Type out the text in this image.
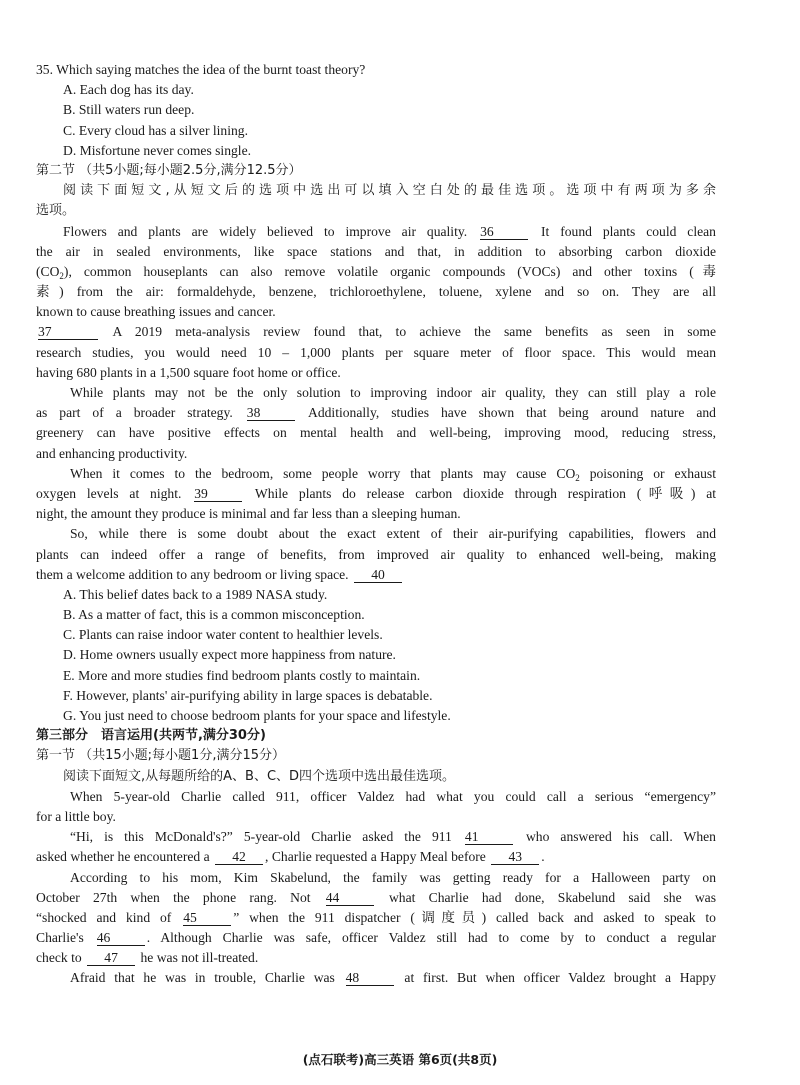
35. Which saying matches the idea of the burnt toast theory?
A. Each dog has its day.
B. Still waters run deep.
C. Every cloud has a silver lining.
D. Misfortune never comes single.
第二节 （共5小题;每小题2.5分,满分12.5分）
阅读下面短文,从短文后的选项中选出可以填入空白处的最佳选项。选项中有两项为多余
选项。
Flowers and plants are widely believed to improve air quality. 36	It found plants could clean
the air in sealed environments, like space stations and that, in addition to absorbing carbon dioxide
$(CO_2)$, common houseplants can also remove volatile organic compounds (VOCs) and other toxins (毒
素) from the air: formaldehyde, benzene, trichloroethylene, toluene, xylene and so on. They are all
known to cause breathing issues and cancer.
37	A 2019 meta-analysis review found that, to achieve the same benefits as seen in some
research studies, you would need 10 – 1,000 plants per square meter of floor space. This would mean
having 680 plants in a 1,500 square foot home or office.
While plants may not be the only solution to improving indoor air quality, they can still play a role
as part of a broader strategy. 38	Additionally, studies have shown that being around nature and
greenery can have positive effects on mental health and well-being, improving mood, reducing stress,
and enhancing productivity.
When it comes to the bedroom, some people worry that plants may cause $CO_2$ poisoning or exhaust
oxygen levels at night. 39	While plants do release carbon dioxide through respiration (呼吸) at
night, the amount they produce is minimal and far less than a sleeping human.
So, while there is some doubt about the exact extent of their air-purifying capabilities, flowers and
plants can indeed offer a range of benefits, from improved air quality to enhanced well-being, making
them a welcome addition to any bedroom or living space. 40
A. This belief dates back to a 1989 NASA study.
B. As a matter of fact, this is a common misconception.
C. Plants can raise indoor water content to healthier levels.
D. Home owners usually expect more happiness from nature.
E. More and more studies find bedroom plants costly to maintain.
F. However, plants' air-purifying ability in large spaces is debatable.
G. You just need to choose bedroom plants for your space and lifestyle.
第三部分　语言运用(共两节,满分30分)
第一节 （共15小题;每小题1分,满分15分）
阅读下面短文,从每题所给的A、B、C、D四个选项中选出最佳选项。
When 5-year-old Charlie called 911, officer Valdez had what you could call a serious “emergency”
for a little boy.
“Hi, is this McDonald's?” 5-year-old Charlie asked the 911 41	who answered his call. When
asked whether he encountered a 42 , Charlie requested a Happy Meal before 43 .
According to his mom, Kim Skabelund, the family was getting ready for a Halloween party on
October 27th when the phone rang. Not 44	what Charlie had done, Skabelund said she was
“shocked and kind of 45	” when the 911 dispatcher (调度员) called back and asked to speak to
Charlie's 46	. Although Charlie was safe, officer Valdez still had to come by to conduct a regular
check to 47 he was not ill-treated.
Afraid that he was in trouble, Charlie was 48	at first. But when officer Valdez brought a Happy
(点石联考)高三英语 第6页(共8页)
